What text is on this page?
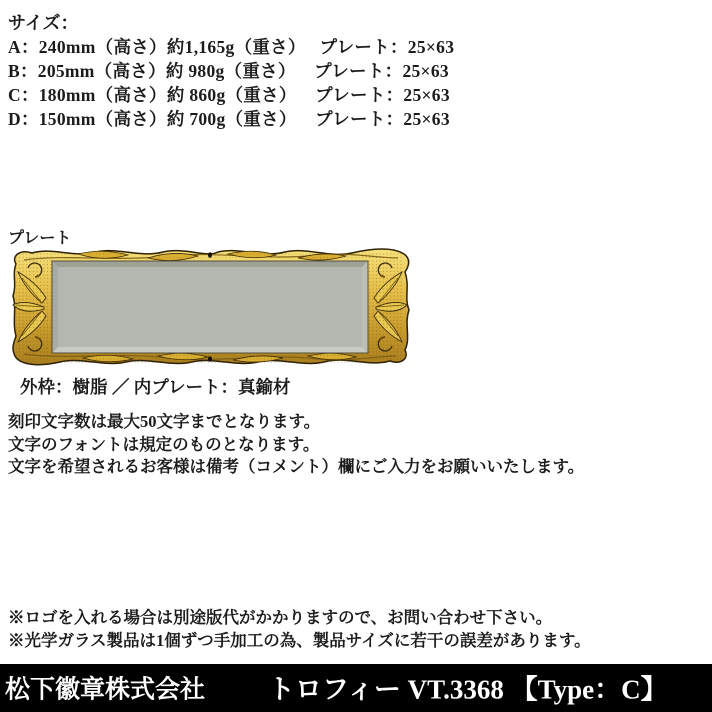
サイズ：
A：240mm（高さ）約1,165g（重さ）　 プレート：25×63
B：205mm（高さ）約 980g（重さ）　  プレート：25×63
C：180mm（高さ）約 860g（重さ）　  プレート：25×63
D：150mm（高さ）約 700g（重さ）　  プレート：25×63
プレート
外枠：樹脂 ／ 内プレート：真鍮材
刻印文字数は最大50文字までとなります。
文字のフォントは規定のものとなります。
文字を希望されるお客様は備考（コメント）欄にご入力をお願いいたします。
※ロゴを入れる場合は別途版代がかかりますので、お問い合わせ下さい。
※光学ガラス製品は1個ずつ手加工の為、製品サイズに若干の誤差があります。
松下徽章株式会社 トロフィー VT.3368 【Type：C】
